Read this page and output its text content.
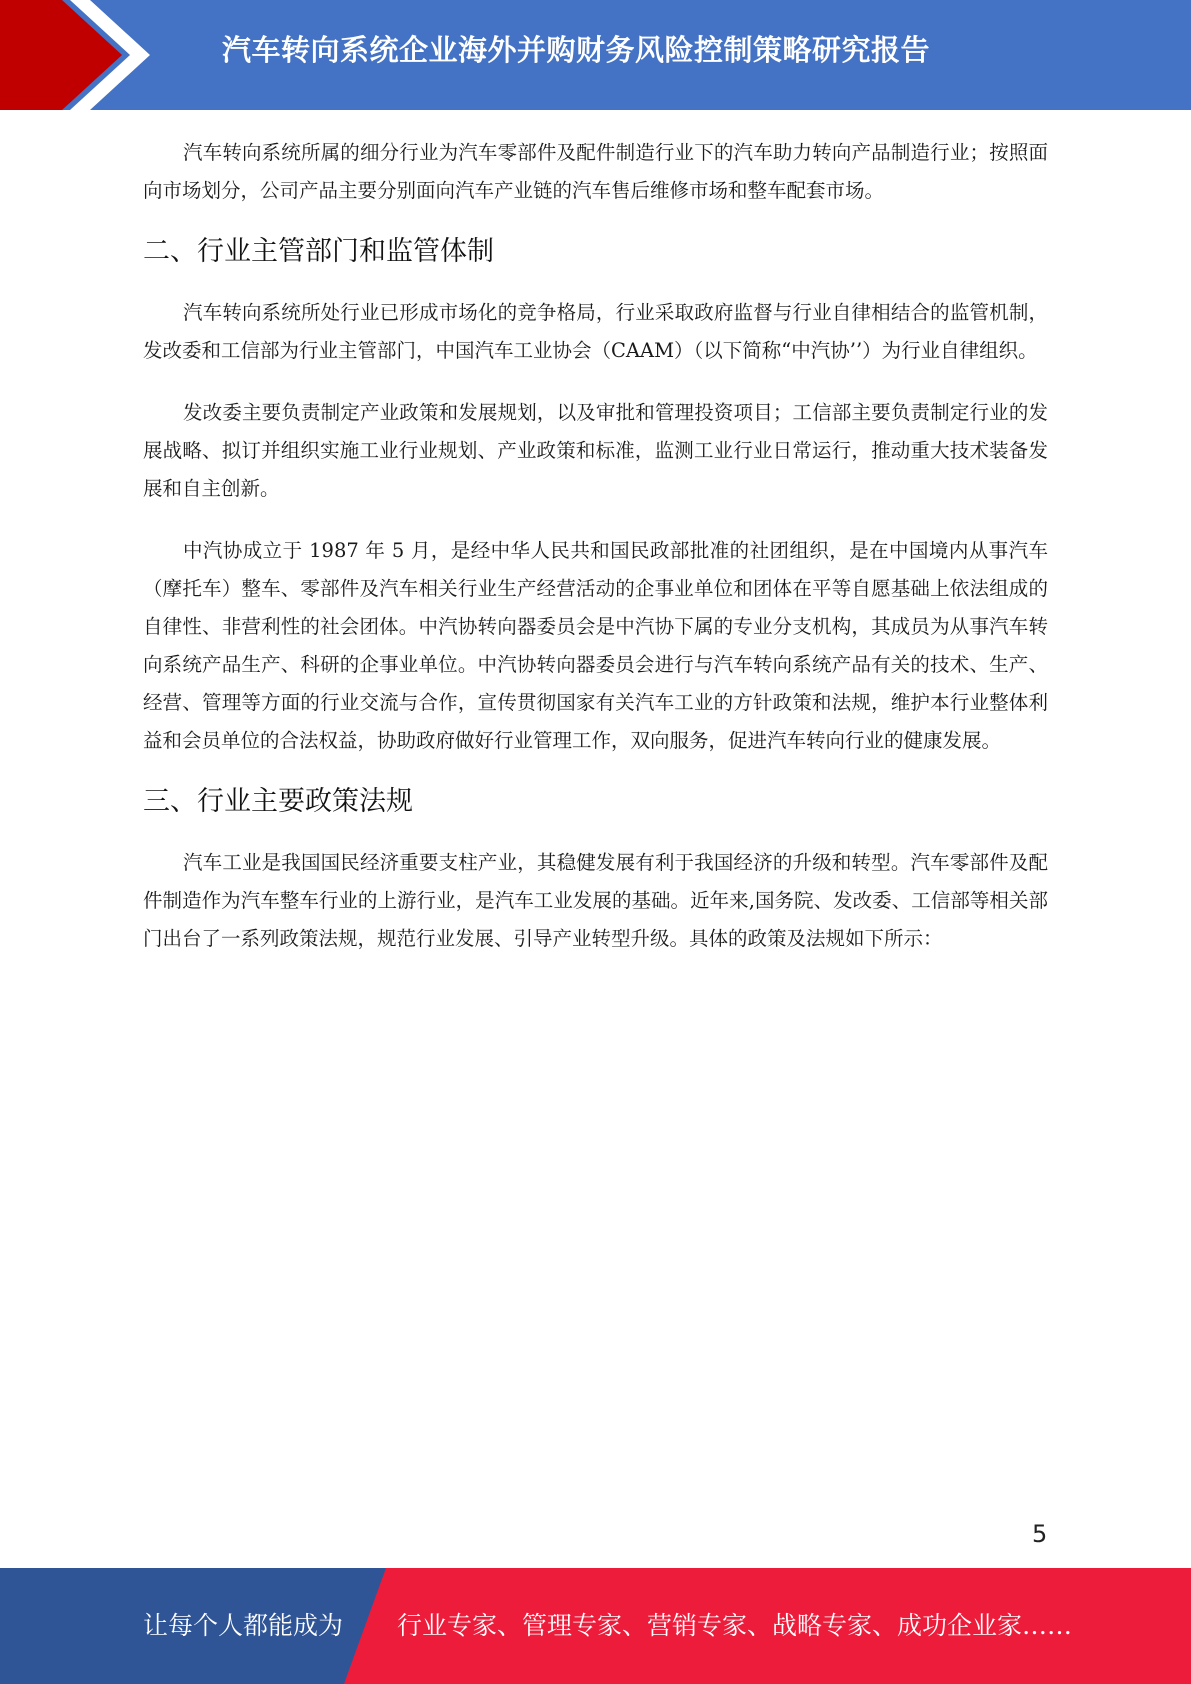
汽车转向系统企业海外并购财务风险控制策略研究报告

汽车转向系统所属的细分行业为汽车零部件及配件制造行业下的汽车助力转向产品制造行业；按照面向市场划分，公司产品主要分别面向汽车产业链的汽车售后维修市场和整车配套市场。

二、行业主管部门和监管体制

汽车转向系统所处行业已形成市场化的竞争格局，行业采取政府监督与行业自律相结合的监管机制，发改委和工信部为行业主管部门，中国汽车工业协会（CAAM）（以下简称“中汽协’’）为行业自律组织。

发改委主要负责制定产业政策和发展规划，以及审批和管理投资项目；工信部主要负责制定行业的发展战略、拟订并组织实施工业行业规划、产业政策和标准，监测工业行业日常运行，推动重大技术装备发展和自主创新。

中汽协成立于 1987 年 5 月，是经中华人民共和国民政部批准的社团组织，是在中国境内从事汽车（摩托车）整车、零部件及汽车相关行业生产经营活动的企事业单位和团体在平等自愿基础上依法组成的自律性、非营利性的社会团体。中汽协转向器委员会是中汽协下属的专业分支机构，其成员为从事汽车转向系统产品生产、科研的企事业单位。中汽协转向器委员会进行与汽车转向系统产品有关的技术、生产、经营、管理等方面的行业交流与合作，宣传贯彻国家有关汽车工业的方针政策和法规，维护本行业整体利益和会员单位的合法权益，协助政府做好行业管理工作，双向服务，促进汽车转向行业的健康发展。

三、行业主要政策法规

汽车工业是我国国民经济重要支柱产业，其稳健发展有利于我国经济的升级和转型。汽车零部件及配件制造作为汽车整车行业的上游行业，是汽车工业发展的基础。近年来,国务院、发改委、工信部等相关部门出台了一系列政策法规，规范行业发展、引导产业转型升级。具体的政策及法规如下所示：

5
让每个人都能成为 行业专家、管理专家、营销专家、战略专家、成功企业家……
